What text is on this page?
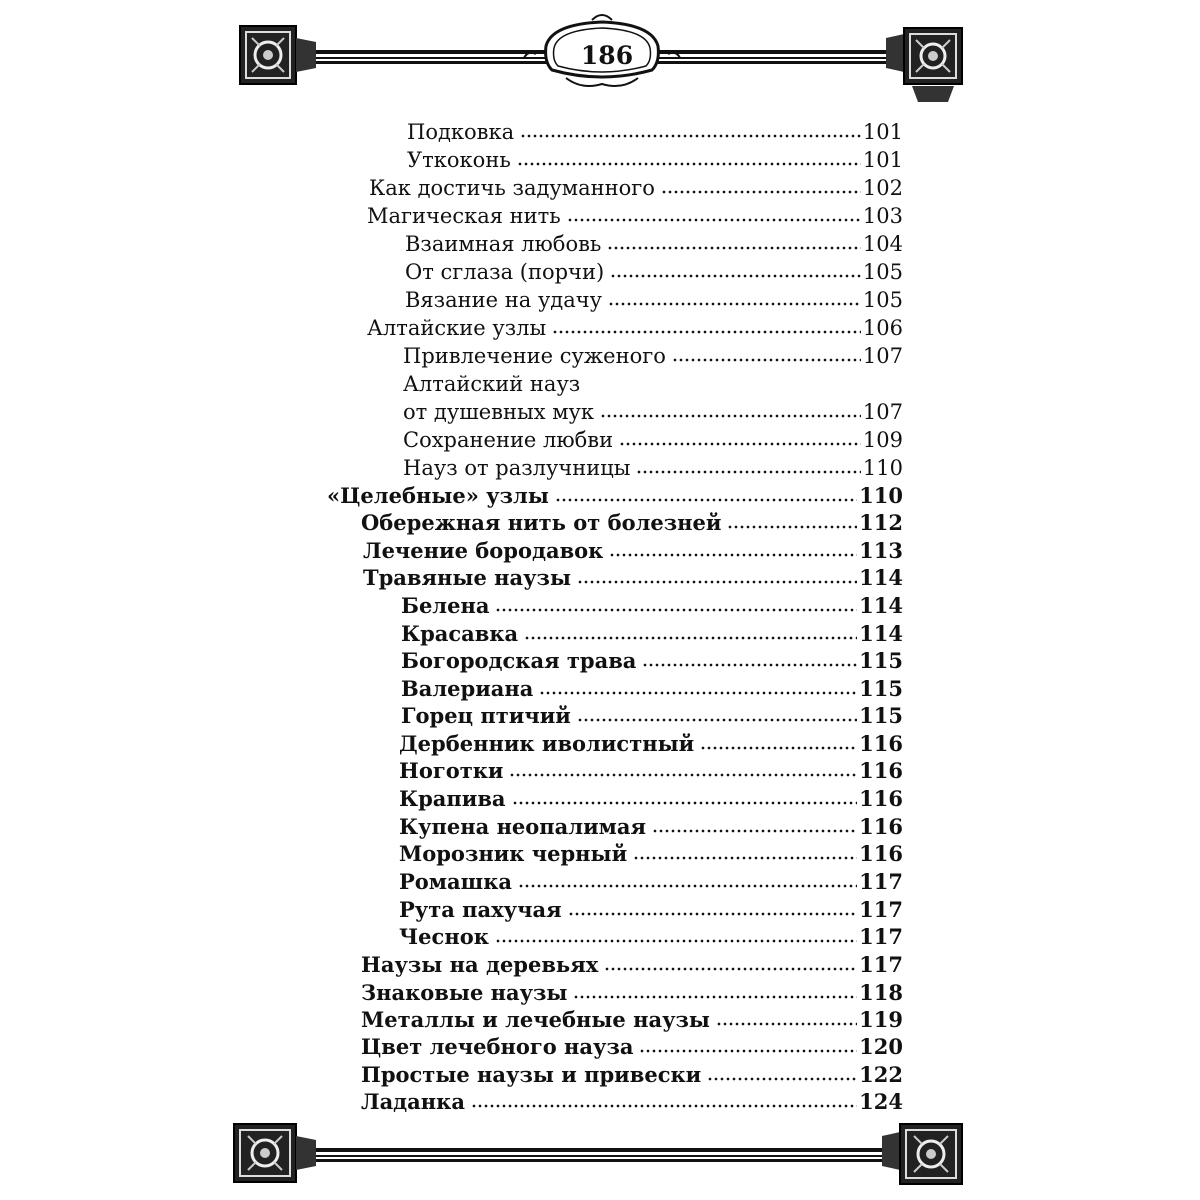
186
Подковка	101
Уткоконь	101
Как достичь задуманного	102
Магическая нить	103
Взаимная любовь	104
От сглаза (порчи)	105
Вязание на удачу	105
Алтайские узлы	106
Привлечение суженого	107
Алтайский науз
от душевных мук	107
Сохранение любви	109
Науз от разлучницы	110
«Целебные» узлы	110
Обережная нить от болезней	112
Лечение бородавок	113
Травяные наузы	114
Белена	114
Красавка	114
Богородская трава	115
Валериана	115
Горец птичий	115
Дербенник иволистный	116
Ноготки	116
Крапива	116
Купена неопалимая	116
Морозник черный	116
Ромашка	117
Рута пахучая	117
Чеснок	117
Наузы на деревьях	117
Знаковые наузы	118
Металлы и лечебные наузы	119
Цвет лечебного науза	120
Простые наузы и привески	122
Ладанка	124
